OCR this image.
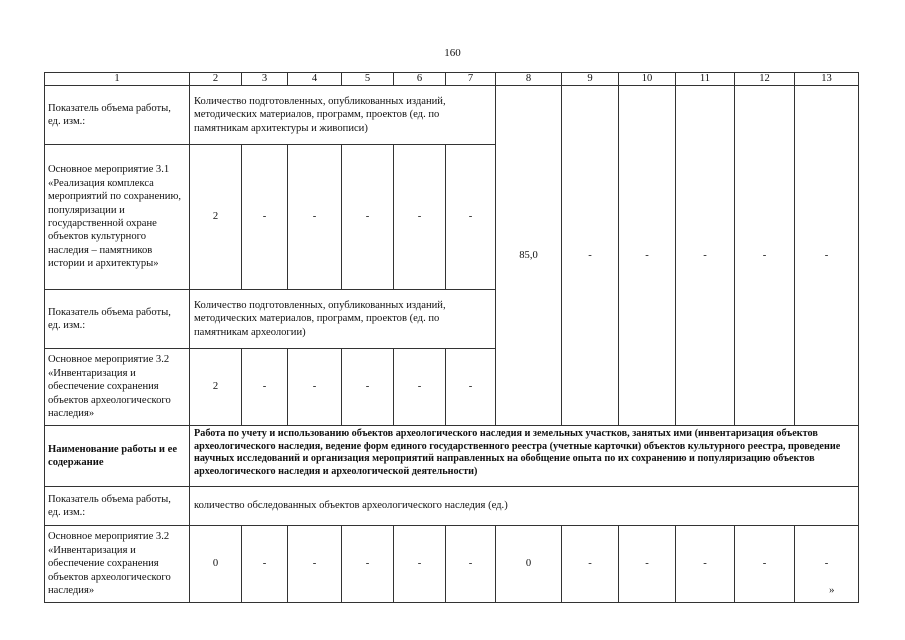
160
1	2	3	4	5	6	7	8	9	10	11	12	13
Показатель объема работы, ед. изм.:	Количество подготовленных, опубликованных изданий, методических материалов, программ, проектов (ед. по памятникам архитектуры и живописи)						85,0	-	-	-	-	-
Основное мероприятие 3.1 «Реализация комплекса мероприятий по сохранению, популяризации и государственной охране объектов культурного наследия – памятников истории и архитектуры»	2	-	-	-	-	-						
Показатель объема работы, ед. изм.:	Количество подготовленных, опубликованных изданий, методических материалов, программ, проектов (ед. по памятникам археологии)											
Основное мероприятие 3.2 «Инвентаризация и обеспечение сохранения объектов археологического наследия»	2	-	-	-	-	-						
Наименование работы и ее содержание	Работа по учету и использованию объектов археологического наследия и земельных участков, занятых ими (инвентаризация объектов археологического наследия, ведение форм единого государственного реестра (учетные карточки) объектов культурного реестра, проведение научных исследований и организация мероприятий направленных на обобщение опыта по их сохранению и популяризацию объектов археологического наследия и археологической деятельности)											
Показатель объема работы, ед. изм.:	количество обследованных объектов археологического наследия (ед.)											
Основное мероприятие 3.2 «Инвентаризация и обеспечение сохранения объектов археологического наследия»	0	-	-	-	-	-	0	-	-	-	-	-
»
